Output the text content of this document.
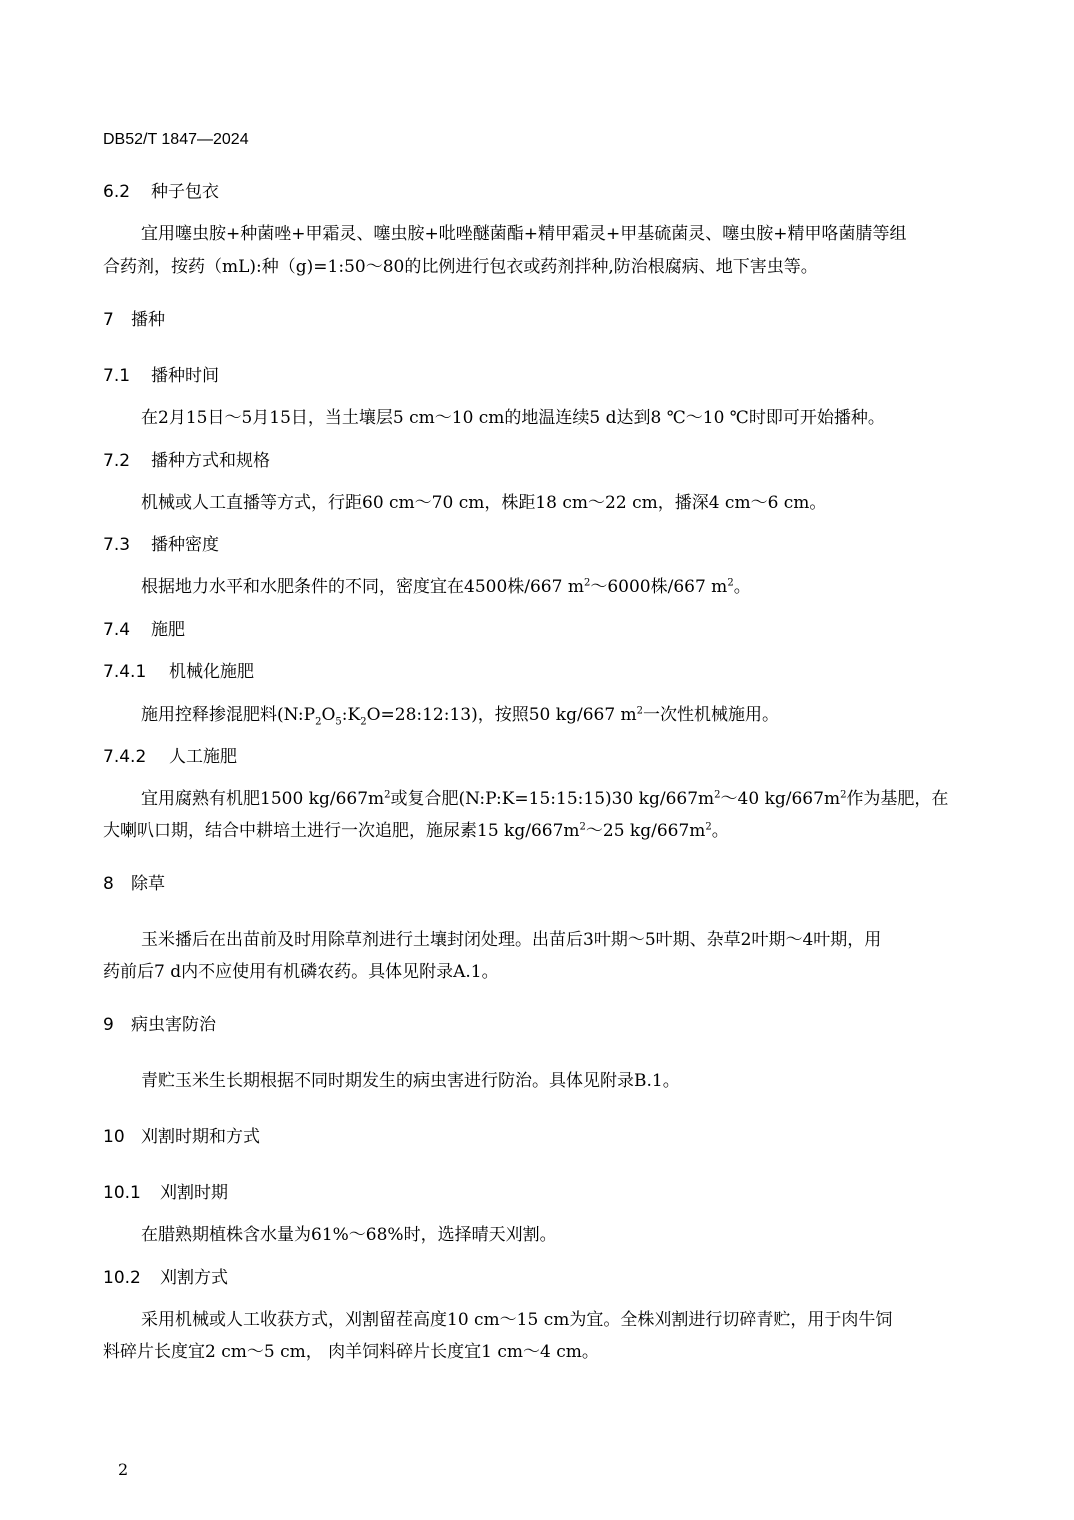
DB52/T 1847—2024
6.2 种子包衣
宜用噻虫胺+种菌唑+甲霜灵、噻虫胺+吡唑醚菌酯+精甲霜灵+甲基硫菌灵、噻虫胺+精甲咯菌腈等组
合药剂，按药（mL):种（g)=1:50～80的比例进行包衣或药剂拌种,防治根腐病、地下害虫等。
7 播种
7.1 播种时间
在2月15日～5月15日，当土壤层5 cm～10 cm的地温连续5 d达到8 ℃～10 ℃时即可开始播种。
7.2 播种方式和规格
机械或人工直播等方式，行距60 cm～70 cm，株距18 cm～22 cm，播深4 cm～6 cm。
7.3 播种密度
根据地力水平和水肥条件的不同，密度宜在4500株/667 $m^2\sim 6000$株/667 $m^2$。
7.4 施肥
7.4.1 机械化施肥
施用控释掺混肥料$(N:P_2O_5:K_2O=28:12:13)$，按照50 kg/667 $m^2$一次性机械施用。
7.4.2 人工施肥
宜用腐熟有机肥1500 $kg/667m^2$或复合肥(N:P:K=15:15:15)30 $kg/667m^2\sim 40$ $kg/667m^2$作为基肥，在
大喇叭口期，结合中耕培土进行一次追肥，施尿素15 $kg/667m^2\sim 25$ $kg/667m^2$。
8 除草
玉米播后在出苗前及时用除草剂进行土壤封闭处理。出苗后3叶期～5叶期、杂草2叶期～4叶期，用
药前后7 d内不应使用有机磷农药。具体见附录A.1。
9 病虫害防治
青贮玉米生长期根据不同时期发生的病虫害进行防治。具体见附录B.1。
10 刈割时期和方式
10.1 刈割时期
在腊熟期植株含水量为61%～68%时，选择晴天刈割。
10.2 刈割方式
采用机械或人工收获方式，刈割留茬高度10 cm～15 cm为宜。全株刈割进行切碎青贮，用于肉牛饲
料碎片长度宜2 cm～5 cm， 肉羊饲料碎片长度宜1 cm～4 cm。
2
